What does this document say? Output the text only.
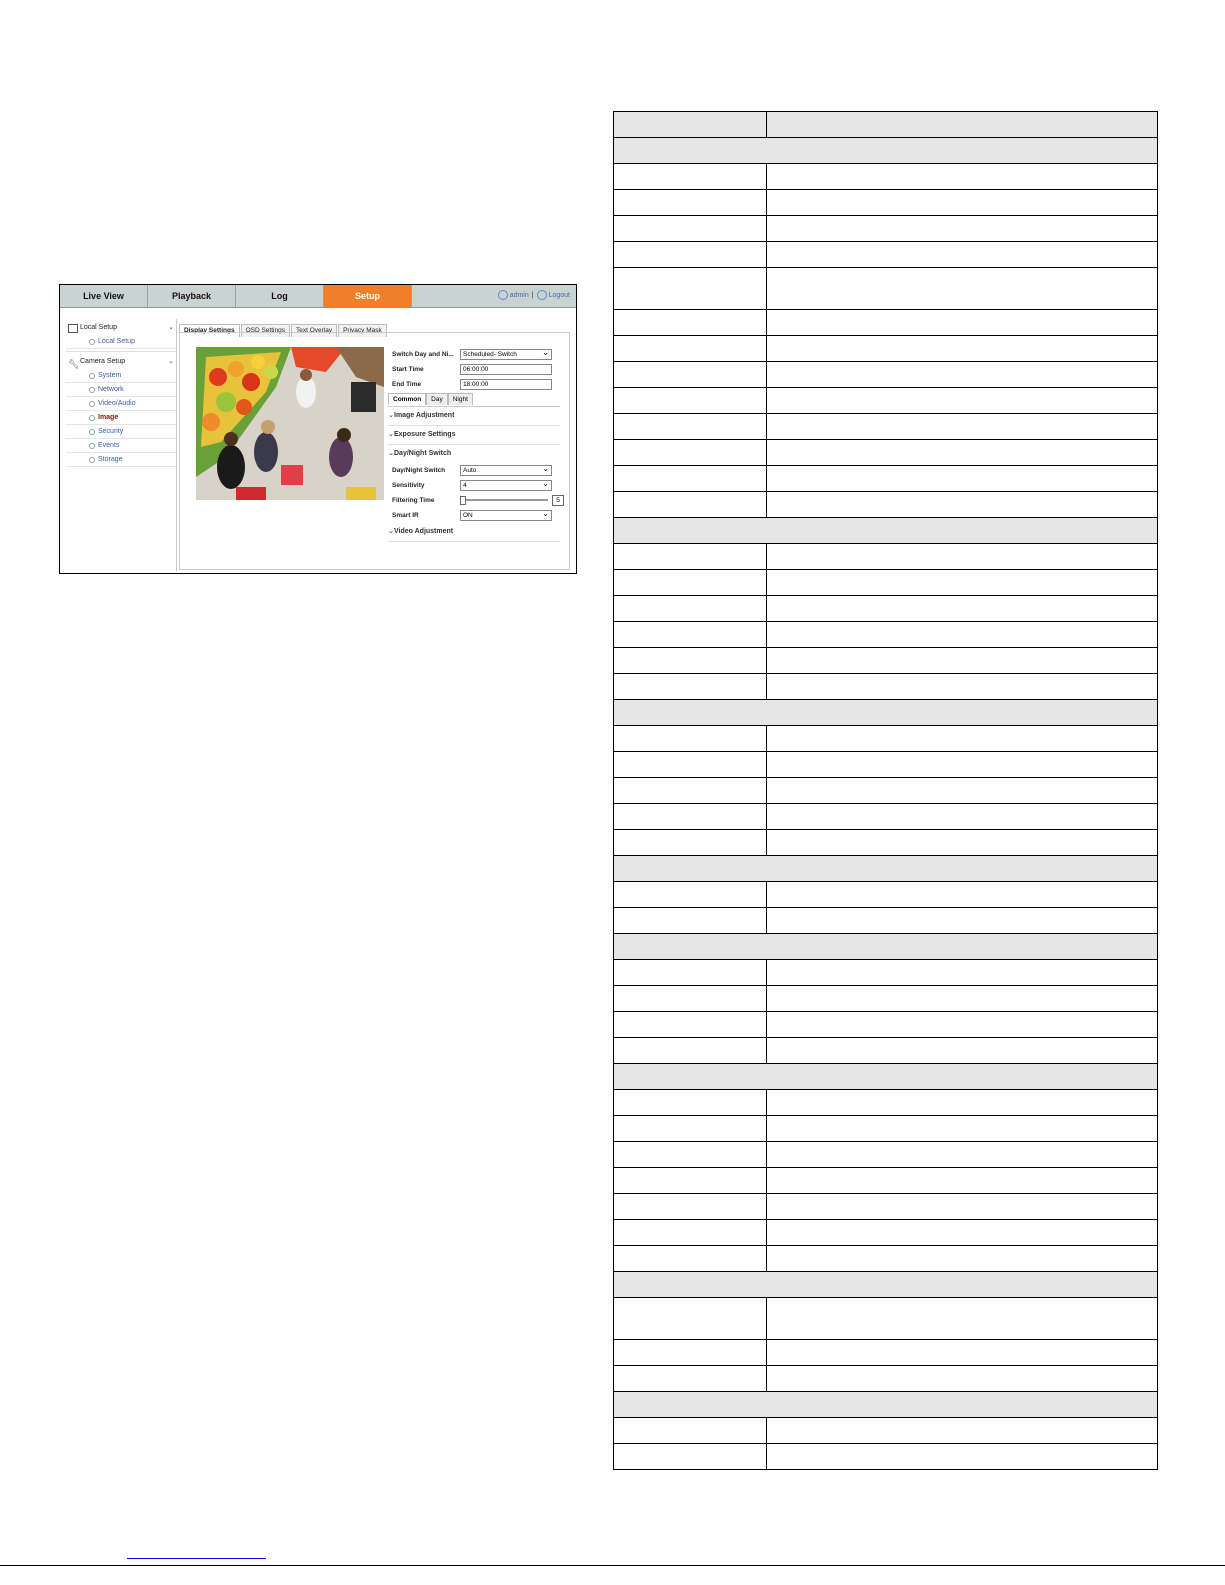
Live View	Playback	Log	Setup	admin | Logout
Local Setup	⌄
Local Setup
🔧︎ Camera Setup	⌄
System
Network
Video/Audio
Image
Security
Events
Storage
Display Settings OSD Settings Text Overlay Privacy Mask
Switch Day and Ni...	Scheduled- Switch ⌄
Start Time	06:00:00
End Time	18:00:00
Common Day Night
› Image Adjustment
› Exposure Settings
› Day/Night Switch
Day/Night Switch	Auto ⌄
Sensitivity	4 ⌄
Filtering Time	5
Smart IR	ON ⌄
› Video Adjustment
